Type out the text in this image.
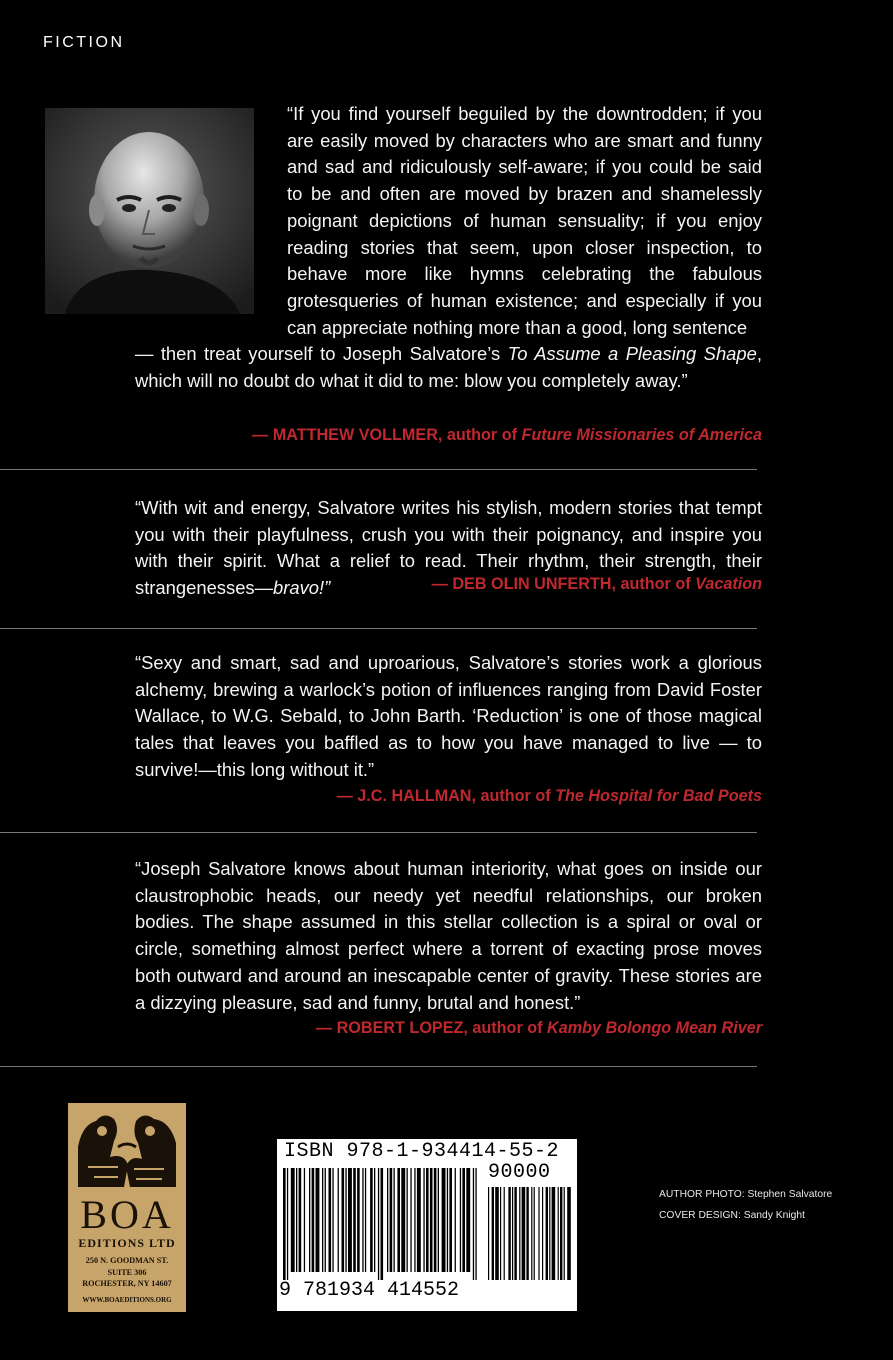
FICTION

“If you find yourself beguiled by the downtrodden; if you are easily moved by characters who are smart and funny and sad and ridiculously self-aware; if you could be said to be and often are moved by brazen and shamelessly poignant depictions of human sensuality; if you enjoy reading stories that seem, upon closer inspection, to behave more like hymns celebrating the fabulous grotesqueries of human existence; and especially if you can appreciate nothing more than a good, long sentence

— then treat yourself to Joseph Salvatore’s To Assume a Pleasing Shape, which will no doubt do what it did to me: blow you completely away.”

— MATTHEW VOLLMER, author of Future Missionaries of America

“With wit and energy, Salvatore writes his stylish, modern stories that tempt you with their playfulness, crush you with their poignancy, and inspire you with their spirit. What a relief to read. Their rhythm, their strength, their strangenesses—bravo!”	— DEB OLIN UNFERTH, author of Vacation

“Sexy and smart, sad and uproarious, Salvatore’s stories work a glorious alchemy, brewing a warlock’s potion of influences ranging from David Foster Wallace, to W.G. Sebald, to John Barth. ‘Reduction’ is one of those magical tales that leaves you baffled as to how you have managed to live — to survive!—this long without it.”

— J.C. HALLMAN, author of The Hospital for Bad Poets

“Joseph Salvatore knows about human interiority, what goes on inside our claustrophobic heads, our needy yet needful relationships, our broken bodies. The shape assumed in this stellar collection is a spiral or oval or circle, something almost perfect where a torrent of exacting prose moves both outward and around an inescapable center of gravity. These stories are a dizzying pleasure, sad and funny, brutal and honest.”

— ROBERT LOPEZ, author of Kamby Bolongo Mean River

BOA
EDITIONS LTD
250 N. GOODMAN ST.
SUITE 306
ROCHESTER, NY 14607
WWW.BOAEDITIONS.ORG
ISBN 978-1-934414-55-2
90000
9 781934 414552
AUTHOR PHOTO: Stephen Salvatore
COVER DESIGN: Sandy Knight
